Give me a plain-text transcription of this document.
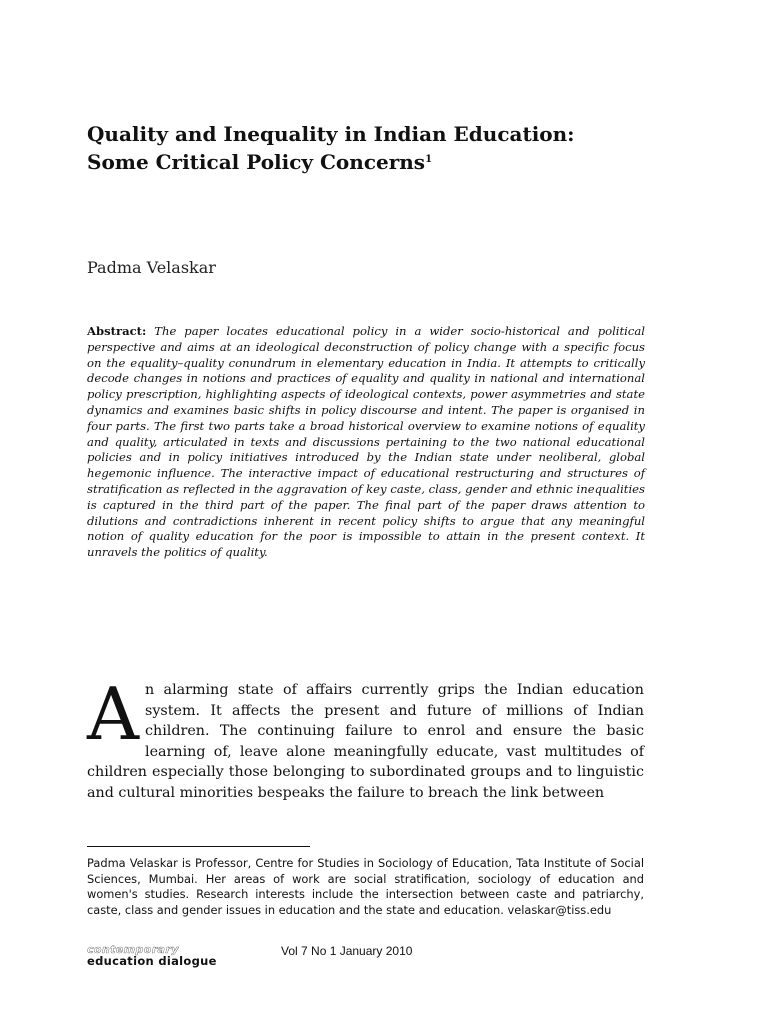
Quality and Inequality in Indian Education:
Some Critical Policy Concerns$^1$
Padma Velaskar

Abstract: The paper locates educational policy in a wider socio-historical and political perspective and aims at an ideological deconstruction of policy change with a specific focus on the equality–quality conundrum in elementary education in India. It attempts to critically decode changes in notions and practices of equality and quality in national and international policy prescription, highlighting aspects of ideological contexts, power asymmetries and state dynamics and examines basic shifts in policy discourse and intent. The paper is organised in four parts. The first two parts take a broad historical overview to examine notions of equality and quality, articulated in texts and discussions pertaining to the two national educational policies and in policy initiatives introduced by the Indian state under neoliberal, global hegemonic influence. The interactive impact of educational restructuring and structures of stratification as reflected in the aggravation of key caste, class, gender and ethnic inequalities is captured in the third part of the paper. The final part of the paper draws attention to dilutions and contradictions inherent in recent policy shifts to argue that any meaningful notion of quality education for the poor is impossible to attain in the present context. It unravels the politics of quality.

An alarming state of affairs currently grips the Indian education system. It affects the present and future of millions of Indian children. The continuing failure to enrol and ensure the basic learning of, leave alone meaningfully educate, vast multitudes of children especially those belonging to subordinated groups and to linguistic and cultural minorities bespeaks the failure to breach the link between

Padma Velaskar is Professor, Centre for Studies in Sociology of Education, Tata Institute of Social Sciences, Mumbai. Her areas of work are social stratification, sociology of education and women's studies. Research interests include the intersection between caste and patriarchy, caste, class and gender issues in education and the state and education. velaskar@tiss.edu

contemporary
education dialogue
Vol 7 No 1 January 2010
